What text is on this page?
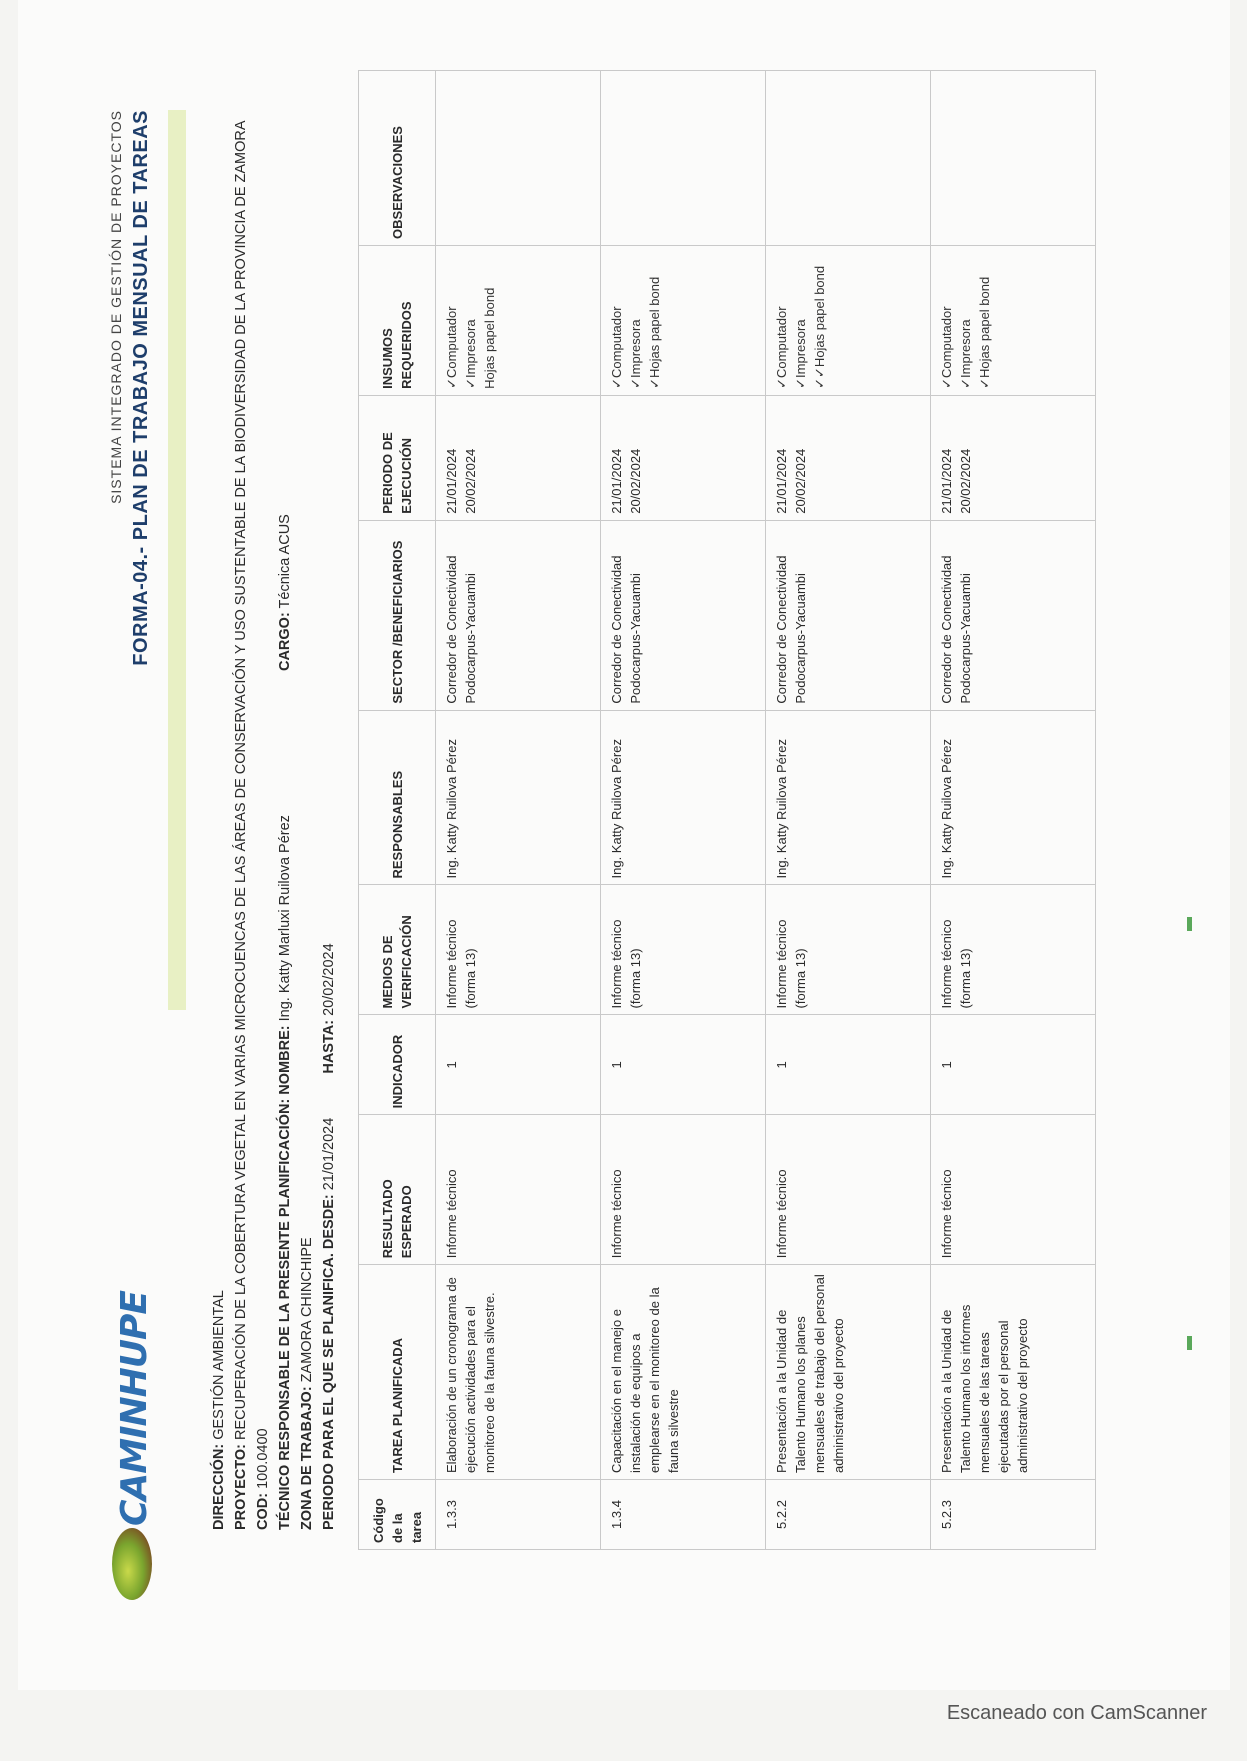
CAMINHUPE
SISTEMA INTEGRADO DE GESTIÓN DE PROYECTOS FORMA-04.- PLAN DE TRABAJO MENSUAL DE TAREAS
DIRECCIÓN: GESTIÓN AMBIENTAL
PROYECTO: RECUPERACIÓN DE LA COBERTURA VEGETAL EN VARIAS MICROCUENCAS DE LAS ÁREAS DE CONSERVACIÓN Y USO SUSTENTABLE DE LA BIODIVERSIDAD DE LA PROVINCIA DE ZAMORA
COD: 100.0400 TÉCNICO RESPONSABLE DE LA PRESENTE PLANIFICACIÓN: NOMBRE: Ing. Katty Marluxi Ruilova Pérez CARGO: Técnica ACUS
ZONA DE TRABAJO: ZAMORA CHINCHIPE PERIODO PARA EL QUE SE PLANIFICA. DESDE: 21/01/2024 HASTA: 20/02/2024
Código de la tarea	TAREA PLANIFICADA	RESULTADO ESPERADO	INDICADOR	MEDIOS DE VERIFICACIÓN	RESPONSABLES	SECTOR /BENEFICIARIOS	PERIODO DE EJECUCIÓN	INSUMOS REQUERIDOS	OBSERVACIONES
1.3.3	Elaboración de un cronograma de ejecución actividades para el monitoreo de la fauna silvestre.	Informe técnico	1	Informe técnico (forma 13)	Ing. Katty Ruilova Pérez	Corredor de Conectividad Podocarpus-Yacuambi	21/01/2024 20/02/2024	✓Computador ✓Impresora Hojas papel bond	

1.3.4	Capacitación en el manejo e instalación de equipos a emplearse en el monitoreo de la fauna silvestre	Informe técnico	1	Informe técnico (forma 13)	Ing. Katty Ruilova Pérez	Corredor de Conectividad Podocarpus-Yacuambi	21/01/2024 20/02/2024	✓Computador ✓Impresora ✓Hojas papel bond	

5.2.2	Presentación a la Unidad de Talento Humano los planes mensuales de trabajo del personal administrativo del proyecto	Informe técnico	1	Informe técnico (forma 13)	Ing. Katty Ruilova Pérez	Corredor de Conectividad Podocarpus-Yacuambi	21/01/2024 20/02/2024	✓Computador ✓Impresora ✓✓Hojas papel bond	

5.2.3	Presentación a la Unidad de Talento Humano los informes mensuales de las tareas ejecutadas por el personal administrativo del proyecto	Informe técnico	1	Informe técnico (forma 13)	Ing. Katty Ruilova Pérez	Corredor de Conectividad Podocarpus-Yacuambi	21/01/2024 20/02/2024	✓Computador ✓Impresora ✓Hojas papel bond	

Escaneado con CamScanner
